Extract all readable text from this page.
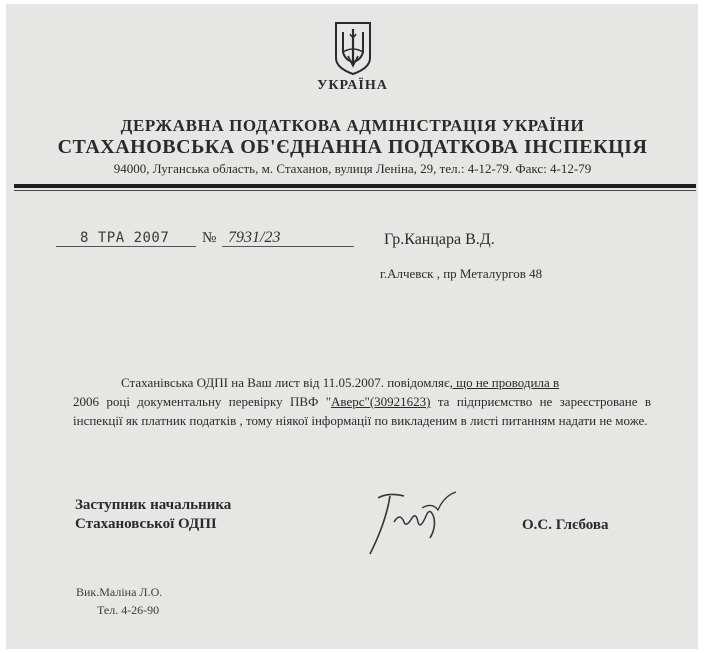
УКРАЇНА
ДЕРЖАВНА ПОДАТКОВА АДМІНІСТРАЦІЯ УКРАЇНИ
СТАХАНОВСЬКА ОБ'ЄДНАННА ПОДАТКОВА ІНСПЕКЦІЯ
94000, Луганська область, м. Стаханов, вулиця Леніна, 29, тел.: 4-12-79. Факс: 4-12-79
8 ТРА 2007 № 7931/23	Гр.Канцара В.Д.
г.Алчевск , пр Металургов 48
Стаханівська ОДПІ на Ваш лист від 11.05.2007. повідомляє, що не проводила в
2006 році документальну перевірку ПВФ "Аверс"(30921623) та підприємство не зареєстроване в інспекції як платник податків , тому ніякої інформації по викладеним в листі питанням надати не може.
Заступник начальника
Стахановської ОДПІ	О.С. Глєбова
Вик.Маліна Л.О.
Тел. 4-26-90
